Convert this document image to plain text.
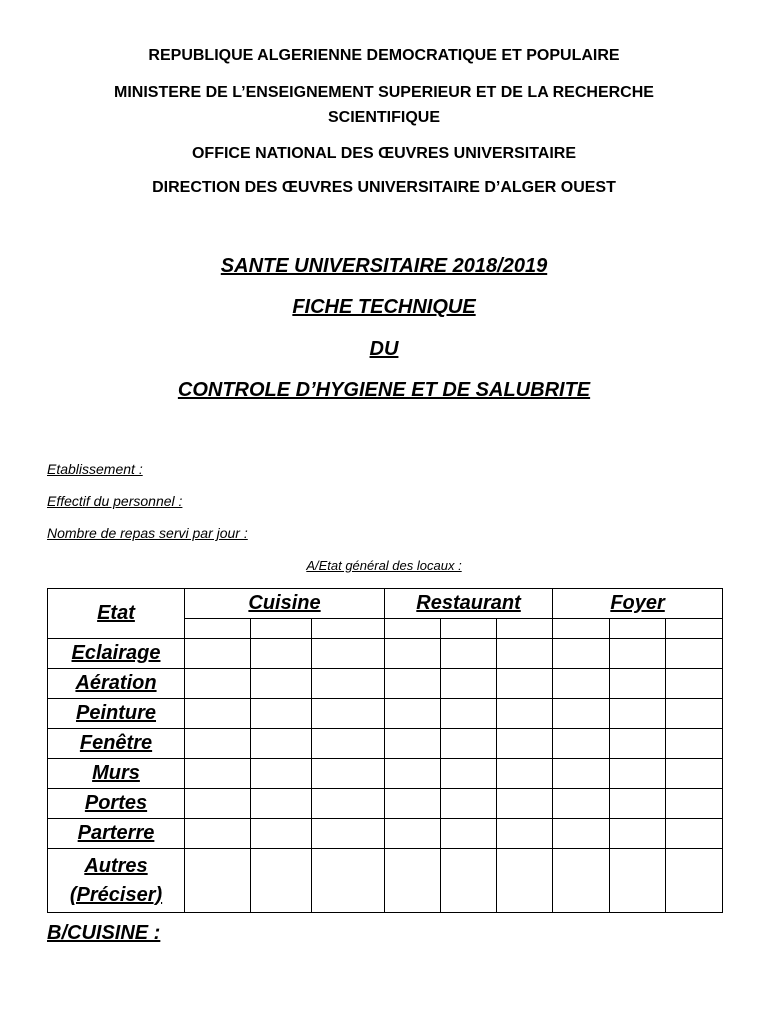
REPUBLIQUE ALGERIENNE DEMOCRATIQUE ET POPULAIRE
MINISTERE DE L’ENSEIGNEMENT SUPERIEUR ET DE LA RECHERCHE
SCIENTIFIQUE
OFFICE NATIONAL DES ŒUVRES UNIVERSITAIRE
DIRECTION DES ŒUVRES UNIVERSITAIRE D’ALGER OUEST
SANTE UNIVERSITAIRE 2018/2019
FICHE TECHNIQUE
DU
CONTROLE D’HYGIENE ET DE SALUBRITE
Etablissement :
Effectif du personnel :
Nombre de repas servi par jour :
A/Etat général des locaux :
Etat	Cuisine			Restaurant			Foyer		

Eclairage									
Aération									
Peinture									
Fenêtre									
Murs									
Portes									
Parterre									

Autres
(Préciser)									

B/CUISINE :
